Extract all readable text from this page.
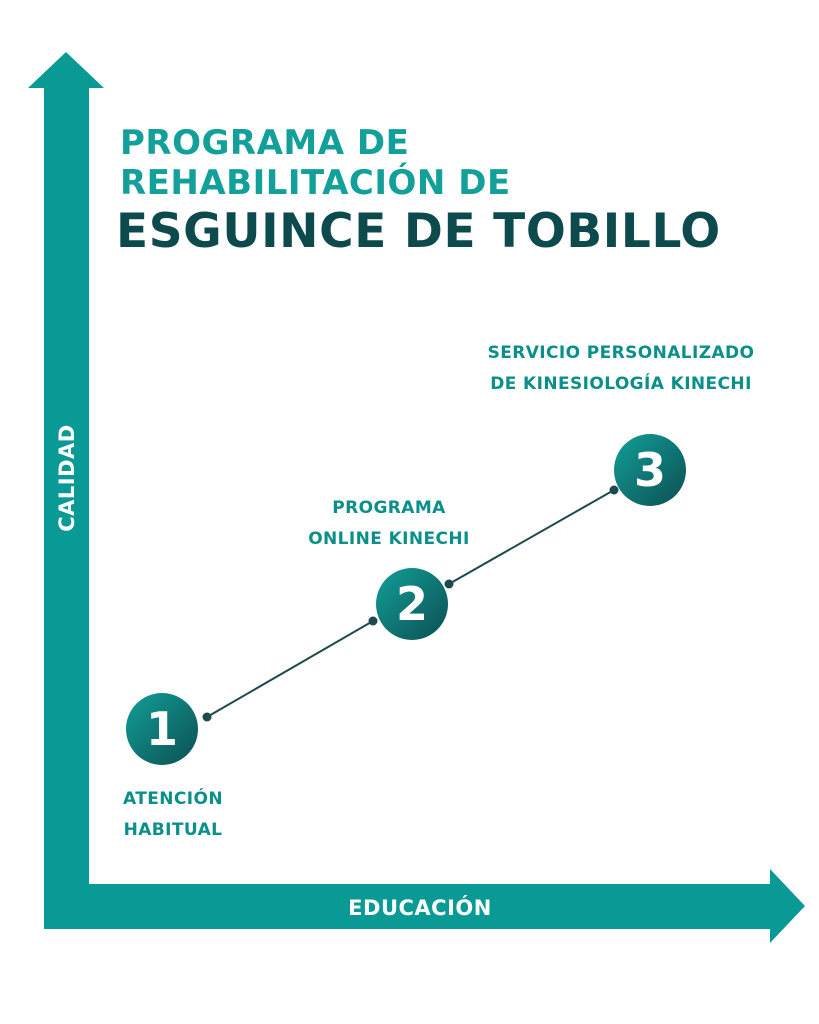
1
2
3

PROGRAMA DE

REHABILITACIÓN DE

ESGUINCE DE TOBILLO

CALIDAD
EDUCACIÓN
ATENCIÓN
HABITUAL
PROGRAMA
ONLINE KINECHI
SERVICIO PERSONALIZADO
DE KINESIOLOGÍA KINECHI
